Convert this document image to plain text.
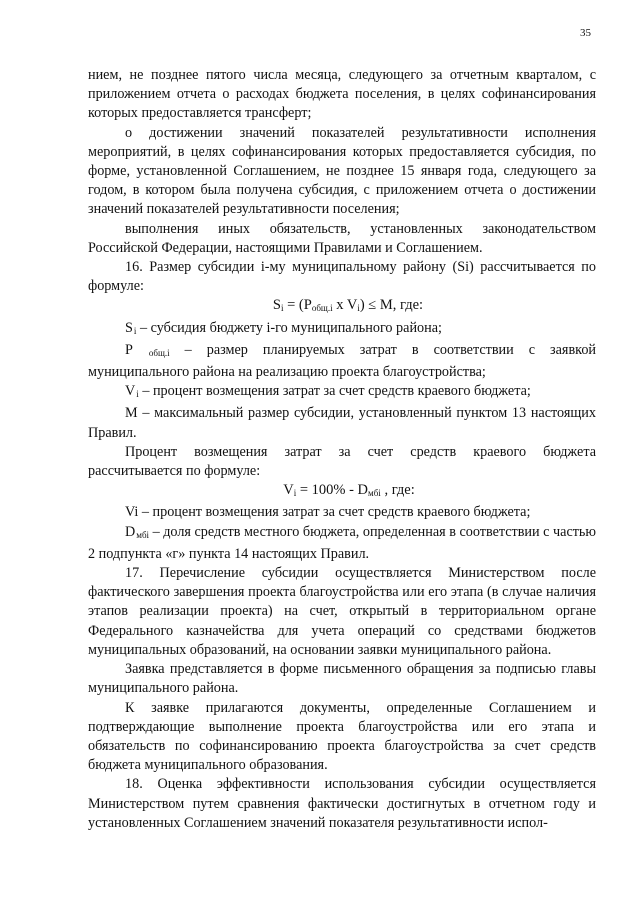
35

нием, не позднее пятого числа месяца, следующего за отчетным кварталом, с приложением отчета о расходах бюджета поселения, в целях софинансирования которых предоставляется трансферт;

о достижении значений показателей результативности исполнения мероприятий, в целях софинансирования которых предоставляется субсидия, по форме, установленной Соглашением, не позднее 15 января года, следующего за годом, в котором была получена субсидия, с приложением отчета о достижении значений показателей результативности поселения;

выполнения иных обязательств, установленных законодательством Российской Федерации, настоящими Правилами и Соглашением.

16. Размер субсидии i-му муниципальному району (Si) рассчитывается по формуле:

$S_i = (P_{общ.i}$ x $V_i) \le M$, где:

$S_i$ – субсидия бюджету i-го муниципального района;

P $_{общ.i}$ – размер планируемых затрат в соответствии с заявкой муниципального района на реализацию проекта благоустройства;

$V_i$ – процент возмещения затрат за счет средств краевого бюджета;

M – максимальный размер субсидии, установленный пунктом 13 настоящих Правил.

Процент возмещения затрат за счет средств краевого бюджета рассчитывается по формуле:

$V_i = 100\% - D_{мбi}$ , где:

Vi – процент возмещения затрат за счет средств краевого бюджета;

$D_{мбi}$ – доля средств местного бюджета, определенная в соответствии с частью 2 подпункта «г» пункта 14 настоящих Правил.

17. Перечисление субсидии осуществляется Министерством после фактического завершения проекта благоустройства или его этапа (в случае наличия этапов реализации проекта) на счет, открытый в территориальном органе Федерального казначейства для учета операций со средствами бюджетов муниципальных образований, на основании заявки муниципального района.

Заявка представляется в форме письменного обращения за подписью главы муниципального района.

К заявке прилагаются документы, определенные Соглашением и подтверждающие выполнение проекта благоустройства или его этапа и обязательств по софинансированию проекта благоустройства за счет средств бюджета муниципального образования.

18. Оценка эффективности использования субсидии осуществляется Министерством путем сравнения фактически достигнутых в отчетном году и установленных Соглашением значений показателя результативности испол-
